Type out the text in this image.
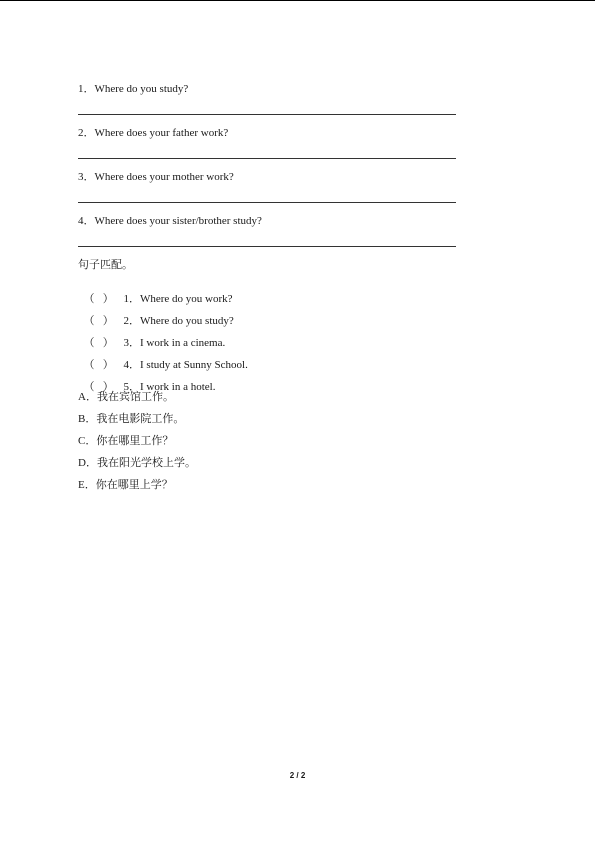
1．Where do you study?
2．Where does your father work?
3．Where does your mother work?
4．Where does your sister/brother study?
句子匹配。

（ ） 1．Where do you work?

（ ） 2．Where do you study?

（ ） 3．I work in a cinema.

（ ） 4．I study at Sunny School.

（ ） 5．I work in a hotel.

A．我在宾馆工作。
B．我在电影院工作。
C．你在哪里工作？
D．我在阳光学校上学。
E．你在哪里上学？
2 / 2
